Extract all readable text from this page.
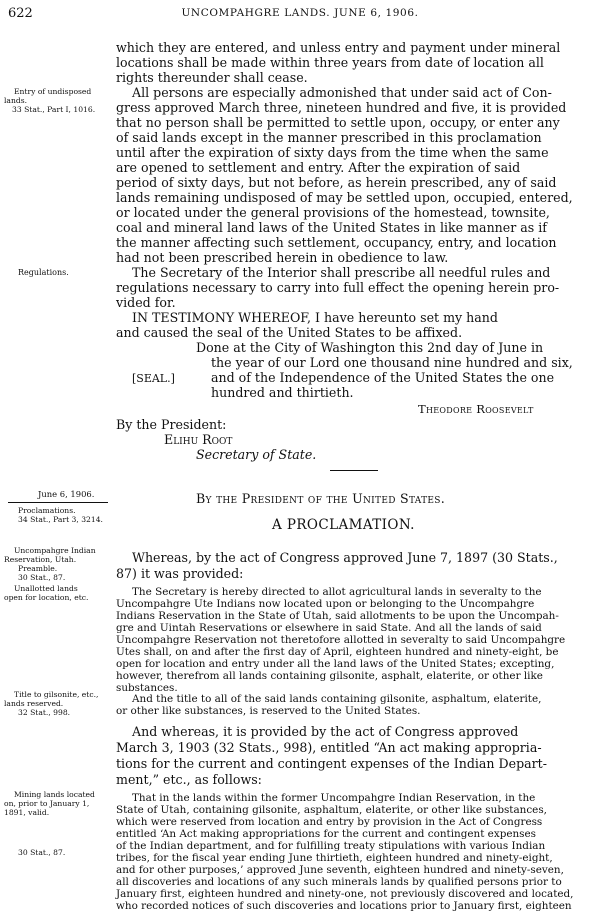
622	UNCOMPAHGRE LANDS. JUNE 6, 1906.
which they are entered, and unless entry and payment under mineral
locations shall be made within three years from date of location all
rights thereunder shall cease.
All persons are especially admonished that under said act of Con-
gress approved March three, nineteen hundred and five, it is provided
that no person shall be permitted to settle upon, occupy, or enter any
of said lands except in the manner prescribed in this proclamation
until after the expiration of sixty days from the time when the same
are opened to settlement and entry. After the expiration of said
period of sixty days, but not before, as herein prescribed, any of said
lands remaining undisposed of may be settled upon, occupied, entered,
or located under the general provisions of the homestead, townsite,
coal and mineral land laws of the United States in like manner as if
the manner affecting such settlement, occupancy, entry, and location
had not been prescribed herein in obedience to law.
The Secretary of the Interior shall prescribe all needful rules and
regulations necessary to carry into full effect the opening herein pro-
vided for.
IN TESTIMONY WHEREOF, I have hereunto set my hand
and caused the seal of the United States to be affixed.
Done at the City of Washington this 2nd day of June in
the year of our Lord one thousand nine hundred and six,
and of the Independence of the United States the one
hundred and thirtieth.
[SEAL.]
Theodore Roosevelt
By the President:
Elihu Root
Secretary of State.
By the President of the United States.
A PROCLAMATION.
Whereas, by the act of Congress approved June 7, 1897 (30 Stats.,
87) it was provided:
The Secretary is hereby directed to allot agricultural lands in severalty to the
Uncompahgre Ute Indians now located upon or belonging to the Uncompahgre
Indians Reservation in the State of Utah, said allotments to be upon the Uncompah-
gre and Uintah Reservations or elsewhere in said State. And all the lands of said
Uncompahgre Reservation not theretofore allotted in severalty to said Uncompahgre
Utes shall, on and after the first day of April, eighteen hundred and ninety-eight, be
open for location and entry under all the land laws of the United States; excepting,
however, therefrom all lands containing gilsonite, asphalt, elaterite, or other like
substances.
And the title to all of the said lands containing gilsonite, asphaltum, elaterite,
or other like substances, is reserved to the United States.
And whereas, it is provided by the act of Congress approved
March 3, 1903 (32 Stats., 998), entitled “An act making appropria-
tions for the current and contingent expenses of the Indian Depart-
ment,” etc., as follows:
That in the lands within the former Uncompahgre Indian Reservation, in the
State of Utah, containing gilsonite, asphaltum, elaterite, or other like substances,
which were reserved from location and entry by provision in the Act of Congress
entitled ‘An Act making appropriations for the current and contingent expenses
of the Indian department, and for fulfilling treaty stipulations with various Indian
tribes, for the fiscal year ending June thirtieth, eighteen hundred and ninety-eight,
and for other purposes,’ approved June seventh, eighteen hundred and ninety-seven,
all discoveries and locations of any such minerals lands by qualified persons prior to
January first, eighteen hundred and ninety-one, not previously discovered and located,
who recorded notices of such discoveries and locations prior to January first, eighteen
Entry of undisposed
lands.
33 Stat., Part I, 1016.
Regulations.
June 6, 1906.
Proclamations.
34 Stat., Part 3, 3214.
Uncompahgre Indian
Reservation, Utah.
Preamble.
30 Stat., 87.
Unallotted lands
open for location, etc.
Title to gilsonite, etc.,
lands reserved.
32 Stat., 998.
Mining lands located
on, prior to January 1,
1891, valid.
30 Stat., 87.
